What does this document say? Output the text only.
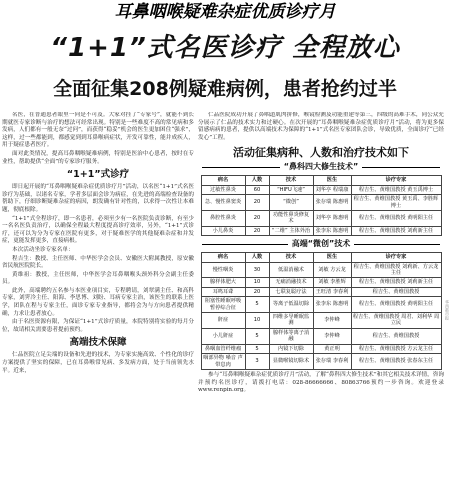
耳鼻咽喉疑难杂症优质诊疗月
“1+1”式名医诊疗 全程放心
全面征集208例疑难病例，患者抢约过半

名医，在普通患者眼里一向是不可及。大家对挂了“专家号”，就能不到长期就医专家诊断与治疗的想法可经常出现。特别是一些难度不高的常见病和多发病，人们都有一般无奈“过问”，而获得“稳妥”机会的医生更加困住“强求”，这样，过一些都能到，都感觉到到耳鼻喉病症状，开发可靠性，能并成疾人，用于疑症患者医疗。

面对此类情况，提高耳鼻咽喉疑难病例，特别是医治中心患者，按时在专业性，帮助提供“全面”的专家诊疗服务。

“1+1”式诊疗

即日起开展的“耳鼻咽喉疑难杂症优质诊疗月”活动，以名医“1+1”式名医诊疗为基础，以诸名专家，学者多层面会诊为病症，在先进的高端检查设备的帮助下，仔细诊断疑难杂症的病因，朗发确有针对性的，以求得一次性让本难题，彻底根除。

“1+1”式全程诊疗，即一名患者，必须至少有一名医院负责诊断，有至少一名名医负责治疗，以确保全程最大程度提高诊疗效率，另外，“1+1”式诊疗，还可以为分为专家在医院有更多，对于疑难医学的其他疑难杂症和并发症，更能发挥更多，直接病根。

本次活动坐诊专家名单：

程吉生：教授、主任医师、中华医学会会员、安徽医大附属教授，原安徽省民航医院院长。

黄维祖：教授，主任医师，中华医学会耳鼻咽喉头颈外科分会副主任委员。

此外，高端聘约五名参与本医业项目实，专程聘请，刘翠满主任、和高科专家，刘霁冷主任、阳海、李思博、刘盼、耳病专家主治，该医生的联系上医学，团队在程与专家主任，面诊专家专业指导，都将会为与方向患者提供精确，力求让患者放心。

由于名医资源有限，为保证“1+1”式诊疗质量，本院特别将实验的每月分位，故请相关需要患者提前预约。

高端技术保障

仁品医院立足尖端的设备和先进的技术，为专家实施高效、个性化的诊疗方案提供了坚实的保障，已在耳鼻喉常见病、多发病方面，处于当前领先水平。近来，

仁品医院成功开展了鼻咽道肌肉拼修，喉镜检测及功能重建等第三，四级的高难手术，同公众充分展示了仁品的技术实力和过硬心。在次开展的“耳鼻咽喉疑难杂症优质诊疗月”活动，将为更多保留感病病的患者，提供以高端技术为保障的“1+1”式名医专家团队会诊，导致优质，全面诊疗“已经发心”工程。

活动征集病种、人数和治疗技术如下
“鼻科四大修生技术”
病名	人数	技术	医生	诊疗专家
过敏性鼻炎	60	“HIFU飞速”	刘华亭 程瑞康	程吉生、黄维国教授 黄玉禹博士
急、慢性鼻窦炎	20	“微创”	张存瑞 陈惠明	程吉生、黄维国教授 黄玉禹、李胜辉博士
鼻腔性鼻炎	20	功能性鼻炎修复术	刘华亭 陈惠明	程吉生、黄维国教授 黄明阳主任
小儿鼻炎	20	“二维” 主体外治	张李东 陈惠明	程吉生、黄维国教授 刘莉新主任
高端“微创”技术
病名	人数	技术	医生	诊疗专家
慢性咽炎	30	低温消融术	刘敏 方云龙	程吉生、黄维国教授 刘莉新、方云龙主任
腺样体肥大	10	无痛消融技术	刘敏 李胜辉	程吉生、黄维国教授 刘莉新主任
耳鸣耳聋	20	七联复聪疗法	王旺清 李春利	程吉生、黄维国教授
阻塞性睡眠呼吸暂停综合征	5	等离子低温切除	张李东 陈惠明	程吉生、黄维国教授 黄明阳主任
鼾症	10	四维多导睡眠监测	李仲峰	程吉生、黄维国教授 周君、刘利华 周立民
小儿鼾症	5	腺样体等离子消融	李仲峰	程吉生、黄维国教授
鼻咽血管纤维瘤	5	内镜下切除	黄正明	程吉生、黄维国教授 方云龙主任
咽部异物 嗓音 声带息肉	3	显微喉镜切除术	张存瑞 李春利	程吉生、黄维国教授 张春东主任

参与“耳鼻咽喉疑难杂症优质诊疗月”活动，了解“鼻科四大修生技术”和其它相关技术详情，咨询并预约名医诊疗，请拨打电话：028-86666666、80863766预约一步咨询。欢迎登录www.renpin.org。

华西都市报
